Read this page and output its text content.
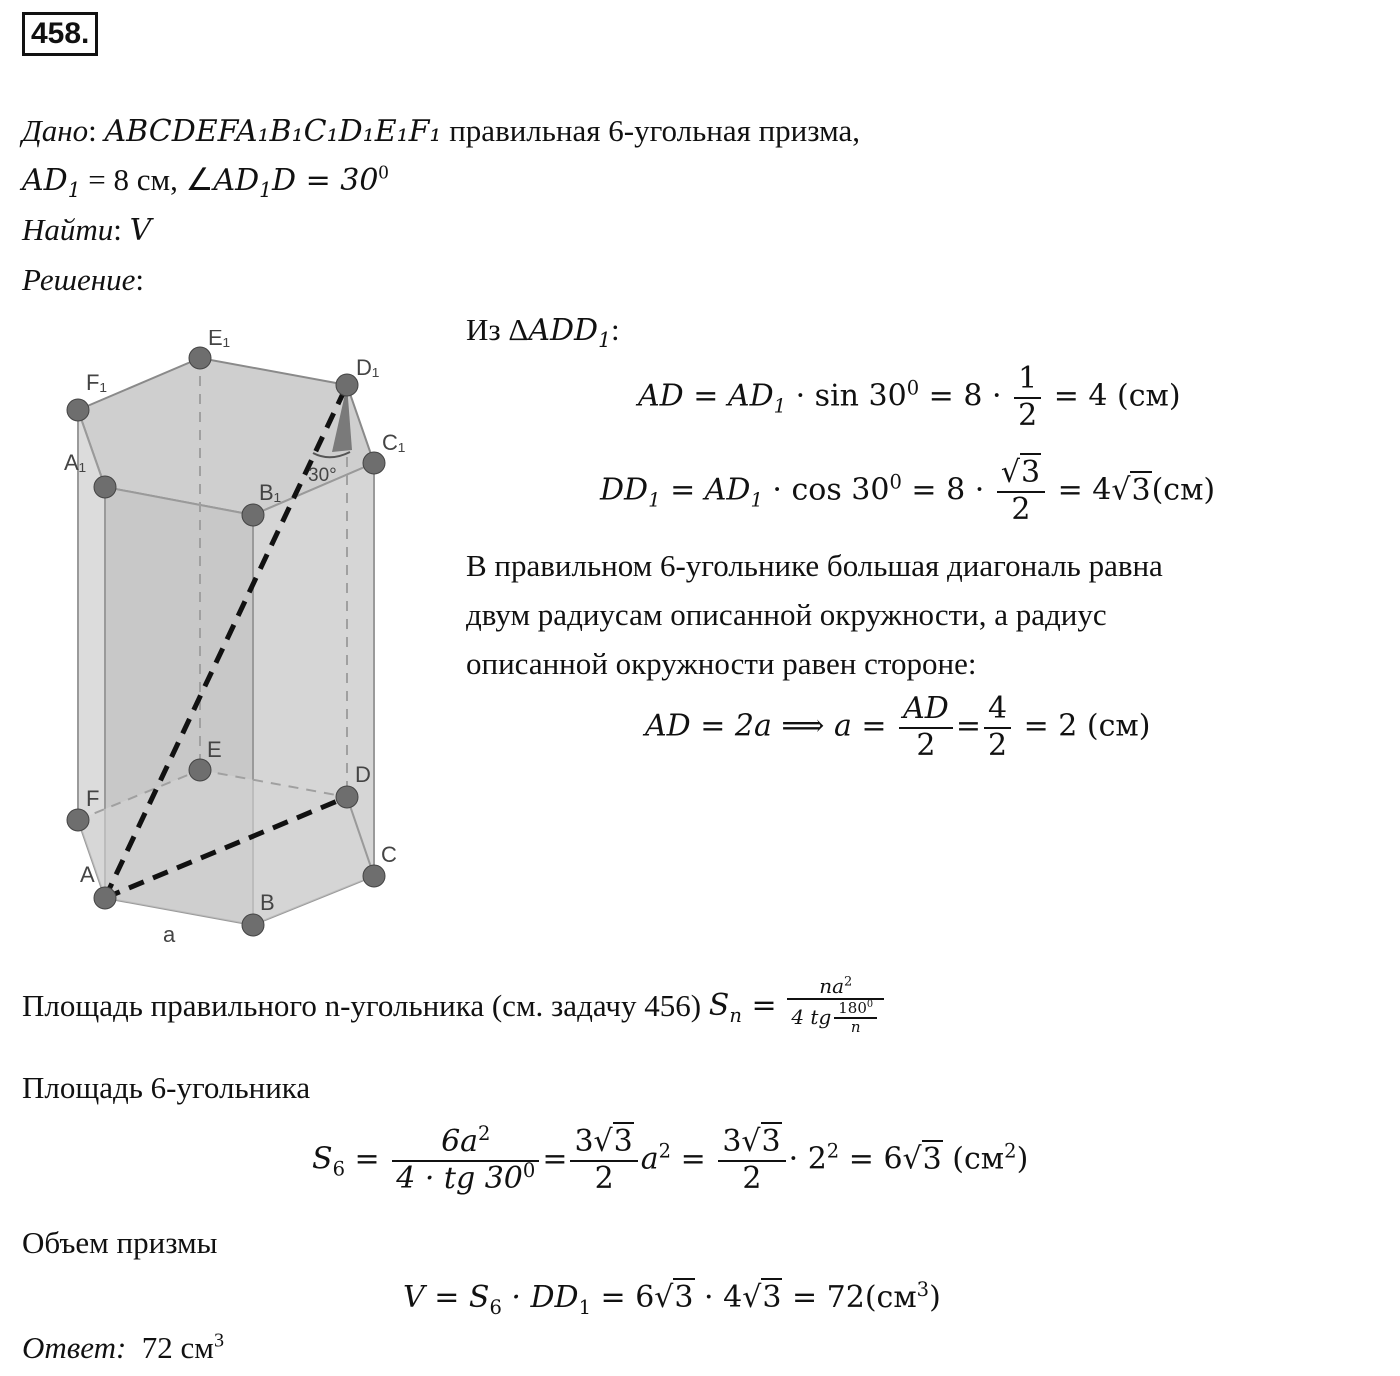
458.
Дано: ABCDEFA₁B₁C₁D₁E₁F₁ правильная 6-угольная призма,
$AD_1 = 8$ см, $\angle AD_1D = 30^0$
Найти: V
Решение:
E₁
D₁
F₁
C₁
A₁
B₁
30°
E
D
F
C
A
B
a
Из $\Delta ADD_1$:
AD = $AD_1 \cdot \sin 30^0 = 8 \cdot \frac{1}{2} = 4$ (см)
$DD_1 = AD_1 \cdot \cos 30^0 = 8 \cdot \frac{√3}{2} = 4√3(см)$
В правильном 6-угольнике большая диагональ равна
двум радиусам описанной окружности, а радиус
описанной окружности равен стороне:
AD = 2a ⟹ $a = \frac{AD}{2} = \frac{4}{2} = 2$ (см)
Площадь правильного n-угольника (см. задачу 456) $S_n = \frac{na^2}{4 tg \frac{180^0}{n}}$
Площадь 6-угольника
$S_6 = \frac{6a^2}{4 \cdot tg 30^0} = \frac{3√3}{2} a^2 = \frac{3√3}{2} \cdot 2^2 = 6√3$ $(см^2)$
Объем призмы
$V = S_6 \cdot DD_1 = 6√3 \cdot 4√3 = 72(см^3)$
Ответ: 72 $см^3$
